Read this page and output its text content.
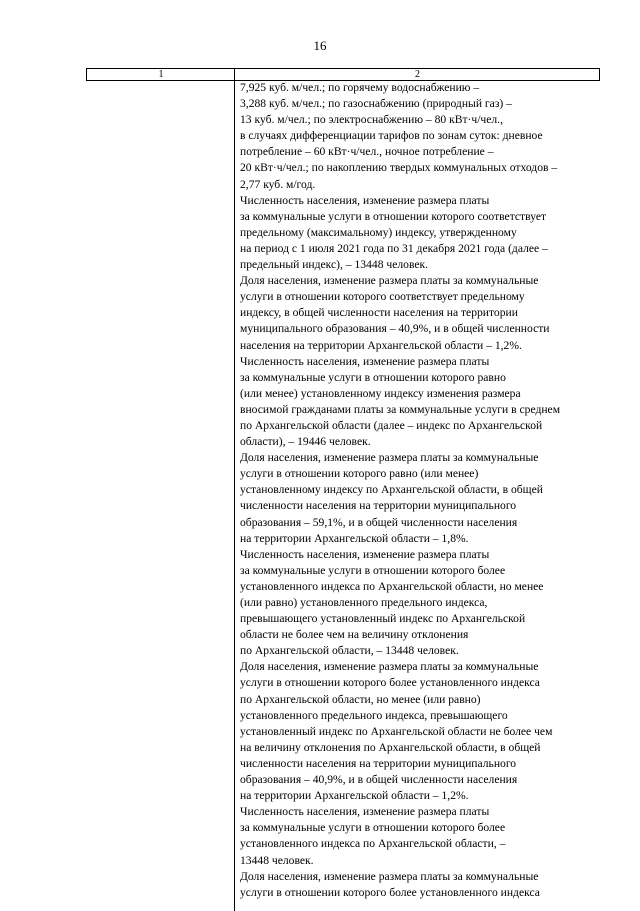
16
1	2
7,925 куб. м/чел.; по горячему водоснабжению –
3,288 куб. м/чел.; по газоснабжению (природный газ) –
13 куб. м/чел.; по электроснабжению – 80 кВт·ч/чел.,
в случаях дифференциации тарифов по зонам суток: дневное
потребление – 60 кВт·ч/чел., ночное потребление –
20 кВт·ч/чел.; по накоплению твердых коммунальных отходов –
2,77 куб. м/год.
Численность населения, изменение размера платы
за коммунальные услуги в отношении которого соответствует
предельному (максимальному) индексу, утвержденному
на период с 1 июля 2021 года по 31 декабря 2021 года (далее –
предельный индекс), – 13448 человек.
Доля населения, изменение размера платы за коммунальные
услуги в отношении которого соответствует предельному
индексу, в общей численности населения на территории
муниципального образования – 40,9%, и в общей численности
населения на территории Архангельской области – 1,2%.
Численность населения, изменение размера платы
за коммунальные услуги в отношении которого равно
(или менее) установленному индексу изменения размера
вносимой гражданами платы за коммунальные услуги в среднем
по Архангельской области (далее – индекс по Архангельской
области), – 19446 человек.
Доля населения, изменение размера платы за коммунальные
услуги в отношении которого равно (или менее)
установленному индексу по Архангельской области, в общей
численности населения на территории муниципального
образования – 59,1%, и в общей численности населения
на территории Архангельской области – 1,8%.
Численность населения, изменение размера платы
за коммунальные услуги в отношении которого более
установленного индекса по Архангельской области, но менее
(или равно) установленного предельного индекса,
превышающего установленный индекс по Архангельской
области не более чем на величину отклонения
по Архангельской области, – 13448 человек.
Доля населения, изменение размера платы за коммунальные
услуги в отношении которого более установленного индекса
по Архангельской области, но менее (или равно)
установленного предельного индекса, превышающего
установленный индекс по Архангельской области не более чем
на величину отклонения по Архангельской области, в общей
численности населения на территории муниципального
образования – 40,9%, и в общей численности населения
на территории Архангельской области – 1,2%.
Численность населения, изменение размера платы
за коммунальные услуги в отношении которого более
установленного индекса по Архангельской области, –
13448 человек.
Доля населения, изменение размера платы за коммунальные
услуги в отношении которого более установленного индекса
